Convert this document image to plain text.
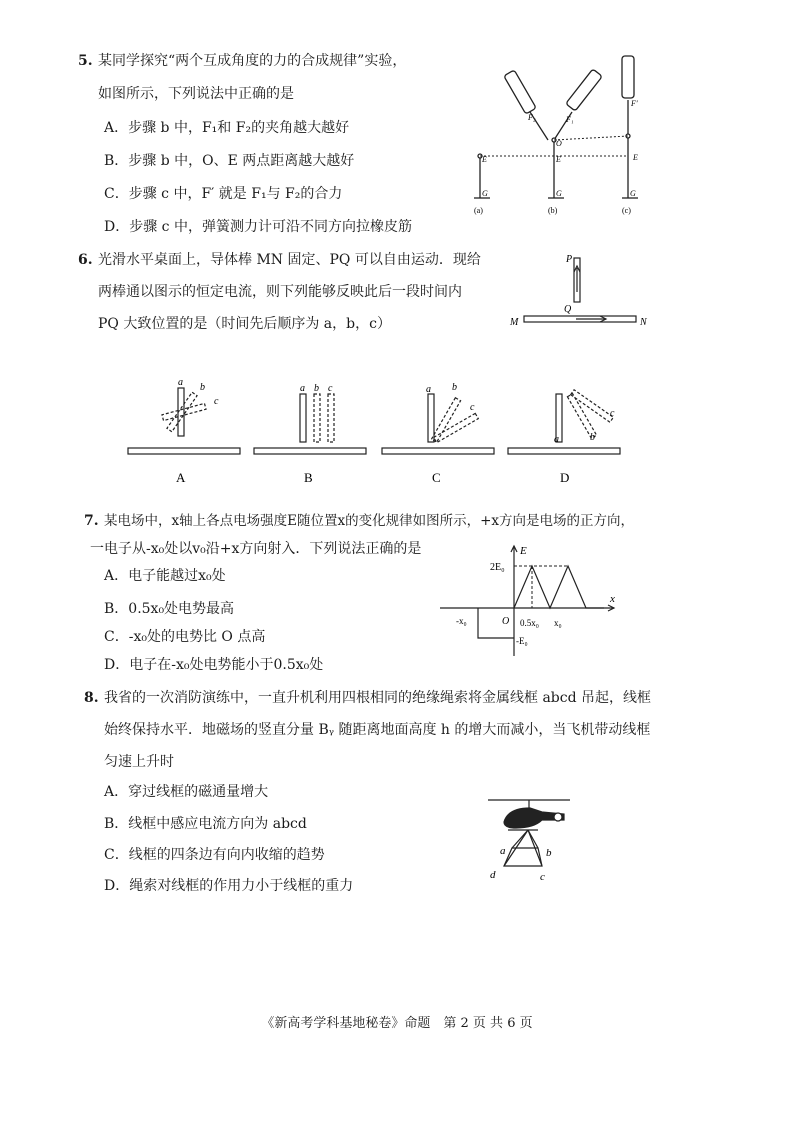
5. 某同学探究“两个互成角度的力的合成规律”实验，
如图所示，下列说法中正确的是
A．步骤 b 中，F₁和 F₂的夹角越大越好
B．步骤 b 中，O、E 两点距离越大越好
C．步骤 c 中，F′ 就是 F₁与 F₂的合力
D．步骤 c 中，弹簧测力计可沿不同方向拉橡皮筋
E
G
O
E
G
F₂	F₁
F′
E
G
(a)	(b)	(c)
6. 光滑水平桌面上，导体棒 MN 固定、PQ 可以自由运动．现给
两棒通以图示的恒定电流，则下列能够反映此后一段时间内
PQ 大致位置的是（时间先后顺序为 a，b，c）
P
Q
M	N
a b
c
a b c	a b
c
a	b
c
A	B	C	D
7. 某电场中，x轴上各点电场强度E随位置x的变化规律如图所示，+x方向是电场的正方向，
一电子从-x₀处以v₀沿+x方向射入．下列说法正确的是
A．电子能越过x₀处
B．0.5x₀处电势最高
C．-x₀处的电势比 O 点高
D．电子在-x₀处电势能小于0.5x₀处
E
x
2E₀
O
-x₀	0.5x₀ x₀
-E₀
8. 我省的一次消防演练中，一直升机利用四根相同的绝缘绳索将金属线框 abcd 吊起，线框
始终保持水平．地磁场的竖直分量 Bᵧ 随距离地面高度 h 的增大而减小，当飞机带动线框
匀速上升时
A．穿过线框的磁通量增大
B．线框中感应电流方向为 abcd
C．线框的四条边有向内收缩的趋势
D．绳索对线框的作用力小于线框的重力
a	b
c
d
《新高考学科基地秘卷》命题　第 2 页 共 6 页
